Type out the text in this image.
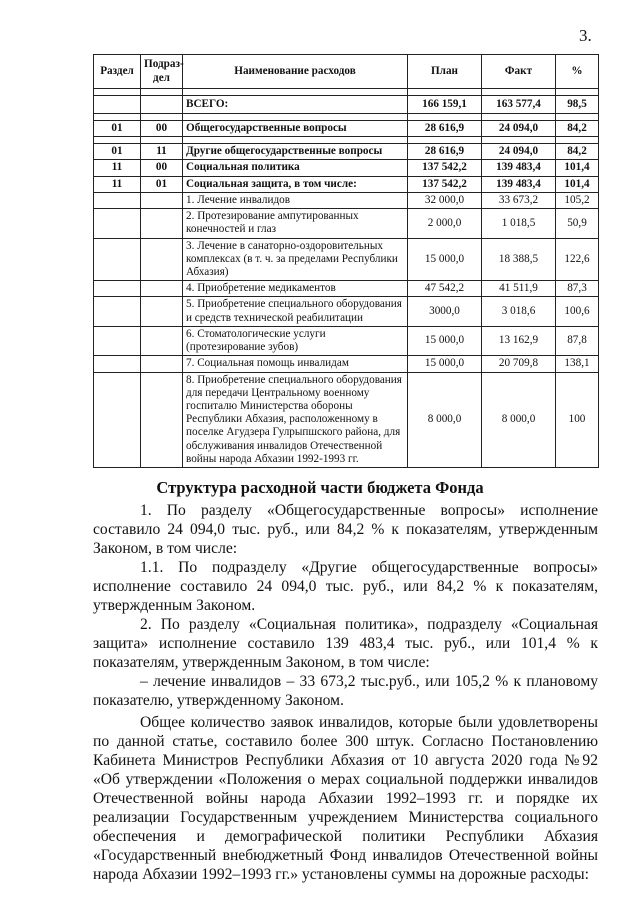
3.
Раздел	Подраз-дел	Наименование расходов	План	Факт	%

		ВСЕГО:	166 159,1	163 577,4	98,5

01	00	Общегосударственные вопросы	28 616,9	24 094,0	84,2

01	11	Другие общегосударственные вопросы	28 616,9	24 094,0	84,2
11	00	Социальная политика	137 542,2	139 483,4	101,4
11	01	Социальная защита, в том числе:	137 542,2	139 483,4	101,4
		1. Лечение инвалидов	32 000,0	33 673,2	105,2
		2. Протезирование ампутированных конечностей и глаз	2 000,0	1 018,5	50,9
		3. Лечение в санаторно-оздоровительных комплексах (в т. ч. за пределами Республики Абхазия)	15 000,0	18 388,5	122,6
		4. Приобретение медикаментов	47 542,2	41 511,9	87,3
		5. Приобретение специального оборудования и средств технической реабилитации	3000,0	3 018,6	100,6
		6. Стоматологические услуги (протезирование зубов)	15 000,0	13 162,9	87,8
		7. Социальная помощь инвалидам	15 000,0	20 709,8	138,1
		8. Приобретение специального оборудования для передачи Центральному военному госпиталю Министерства обороны Республики Абхазия, расположенному в поселке Агудзера Гулрыпшского района, для обслуживания инвалидов Отечественной войны народа Абхазии 1992-1993 гг.	8 000,0	8 000,0	100
Структура расходной части бюджета Фонда

1. По разделу «Общегосударственные вопросы» исполнение составило 24 094,0 тыс. руб., или 84,2 % к показателям, утвержденным Законом, в том числе:

1.1. По подразделу «Другие общегосударственные вопросы» исполнение составило 24 094,0 тыс. руб., или 84,2 % к показателям, утвержденным Законом.

2. По разделу «Социальная политика», подразделу «Социальная защита» исполнение составило 139 483,4 тыс. руб., или 101,4 % к показателям, утвержденным Законом, в том числе:

– лечение инвалидов – 33 673,2 тыс.руб., или 105,2 % к плановому показателю, утвержденному Законом.

Общее количество заявок инвалидов, которые были удовлетворены по данной статье, составило более 300 штук. Согласно Постановлению Кабинета Министров Республики Абхазия от 10 августа 2020 года №92 «Об утверждении «Положения о мерах социальной поддержки инвалидов Отечественной войны народа Абхазии 1992–1993 гг. и порядке их реализации Государственным учреждением Министерства социального обеспечения и демографической политики Республики Абхазия «Государственный внебюджетный Фонд инвалидов Отечественной войны народа Абхазии 1992–1993 гг.» установлены суммы на дорожные расходы:
